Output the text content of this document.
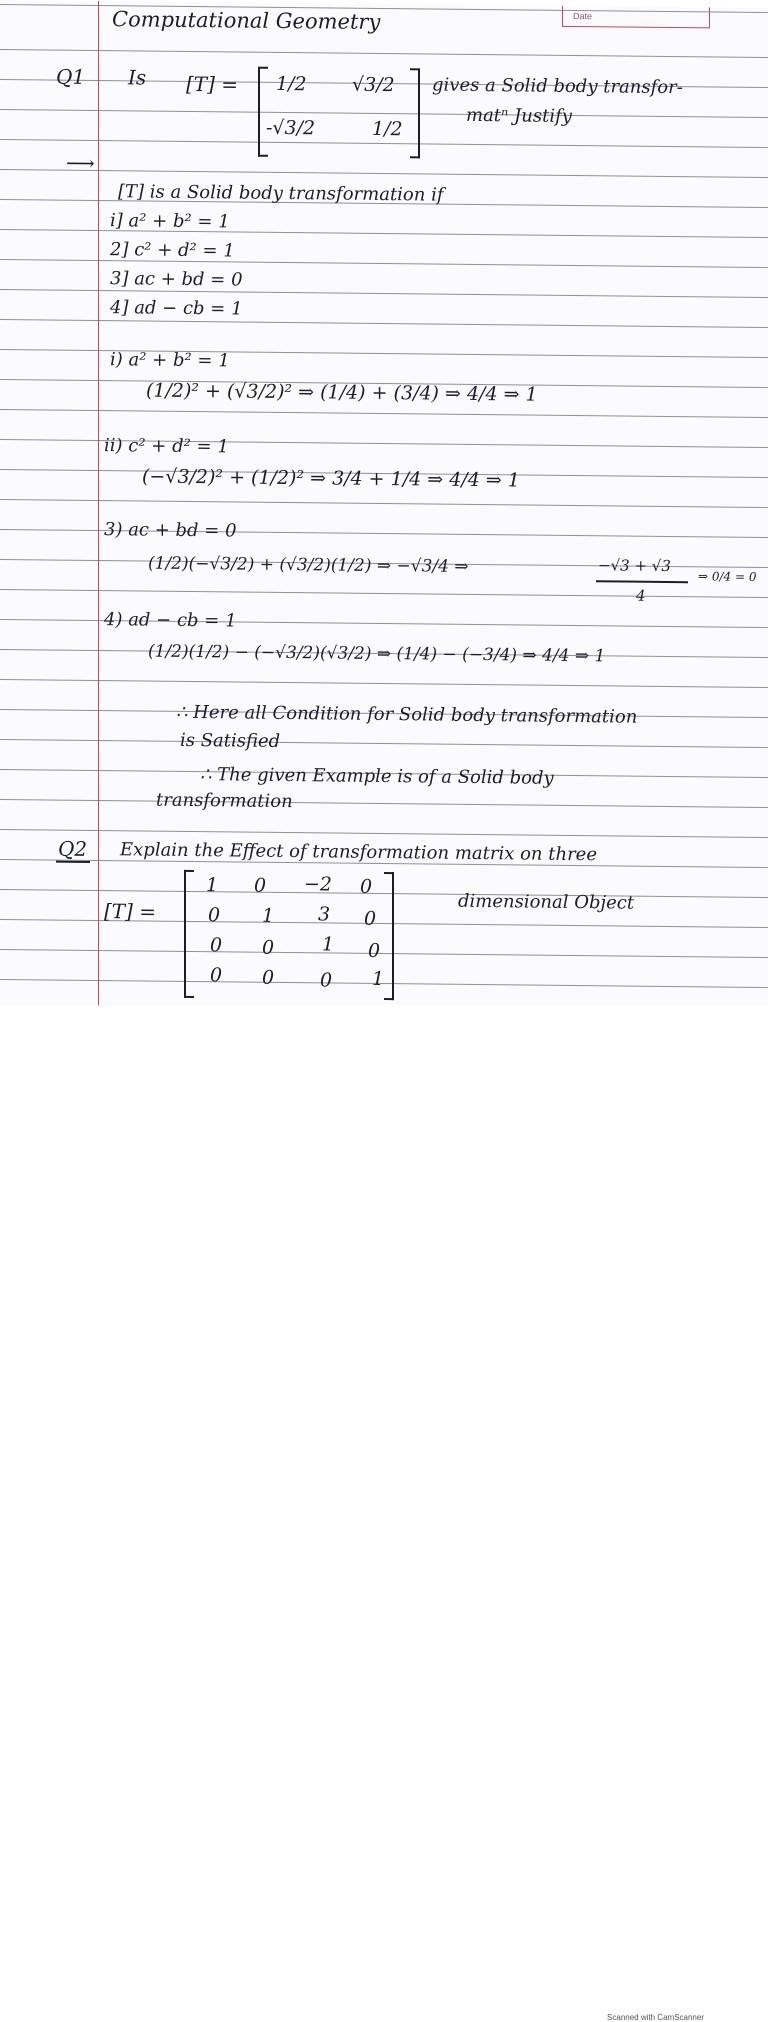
Date
Computational Geometry
Q1 Is [T] = 1/2 √3/2
-√3/2	1/2
gives a Solid body transfor-
matⁿ Justify
⟶
[T] is a Solid body transformation if
i] a² + b² = 1
2] c² + d² = 1
3] ac + bd = 0
4] ad − cb = 1
i) a² + b² = 1
(1/2)² + (√3/2)² ⇒ (1/4) + (3/4) ⇒ 4/4 ⇒ 1
ii) c² + d² = 1
(−√3/2)² + (1/2)² ⇒ 3/4 + 1/4 ⇒ 4/4 ⇒ 1
3) ac + bd = 0
(1/2)(−√3/2) + (√3/2)(1/2) ⇒ −√3/4 ⇒	−√3 + √3
4
⇒ 0/4 = 0
4) ad − cb = 1
(1/2)(1/2) − (−√3/2)(√3/2) ⇒ (1/4) − (−3/4) ⇒ 4/4 ⇒ 1
∴ Here all Condition for Solid body transformation
is Satisfied
∴ The given Example is of a Solid body
transformation
Q2 Explain the Effect of transformation matrix on three
dimensional Object
[T] =
1 0 −2 0
0 1 3 0
0 0	1 0
0 0 0 1
Scanned with CamScanner
